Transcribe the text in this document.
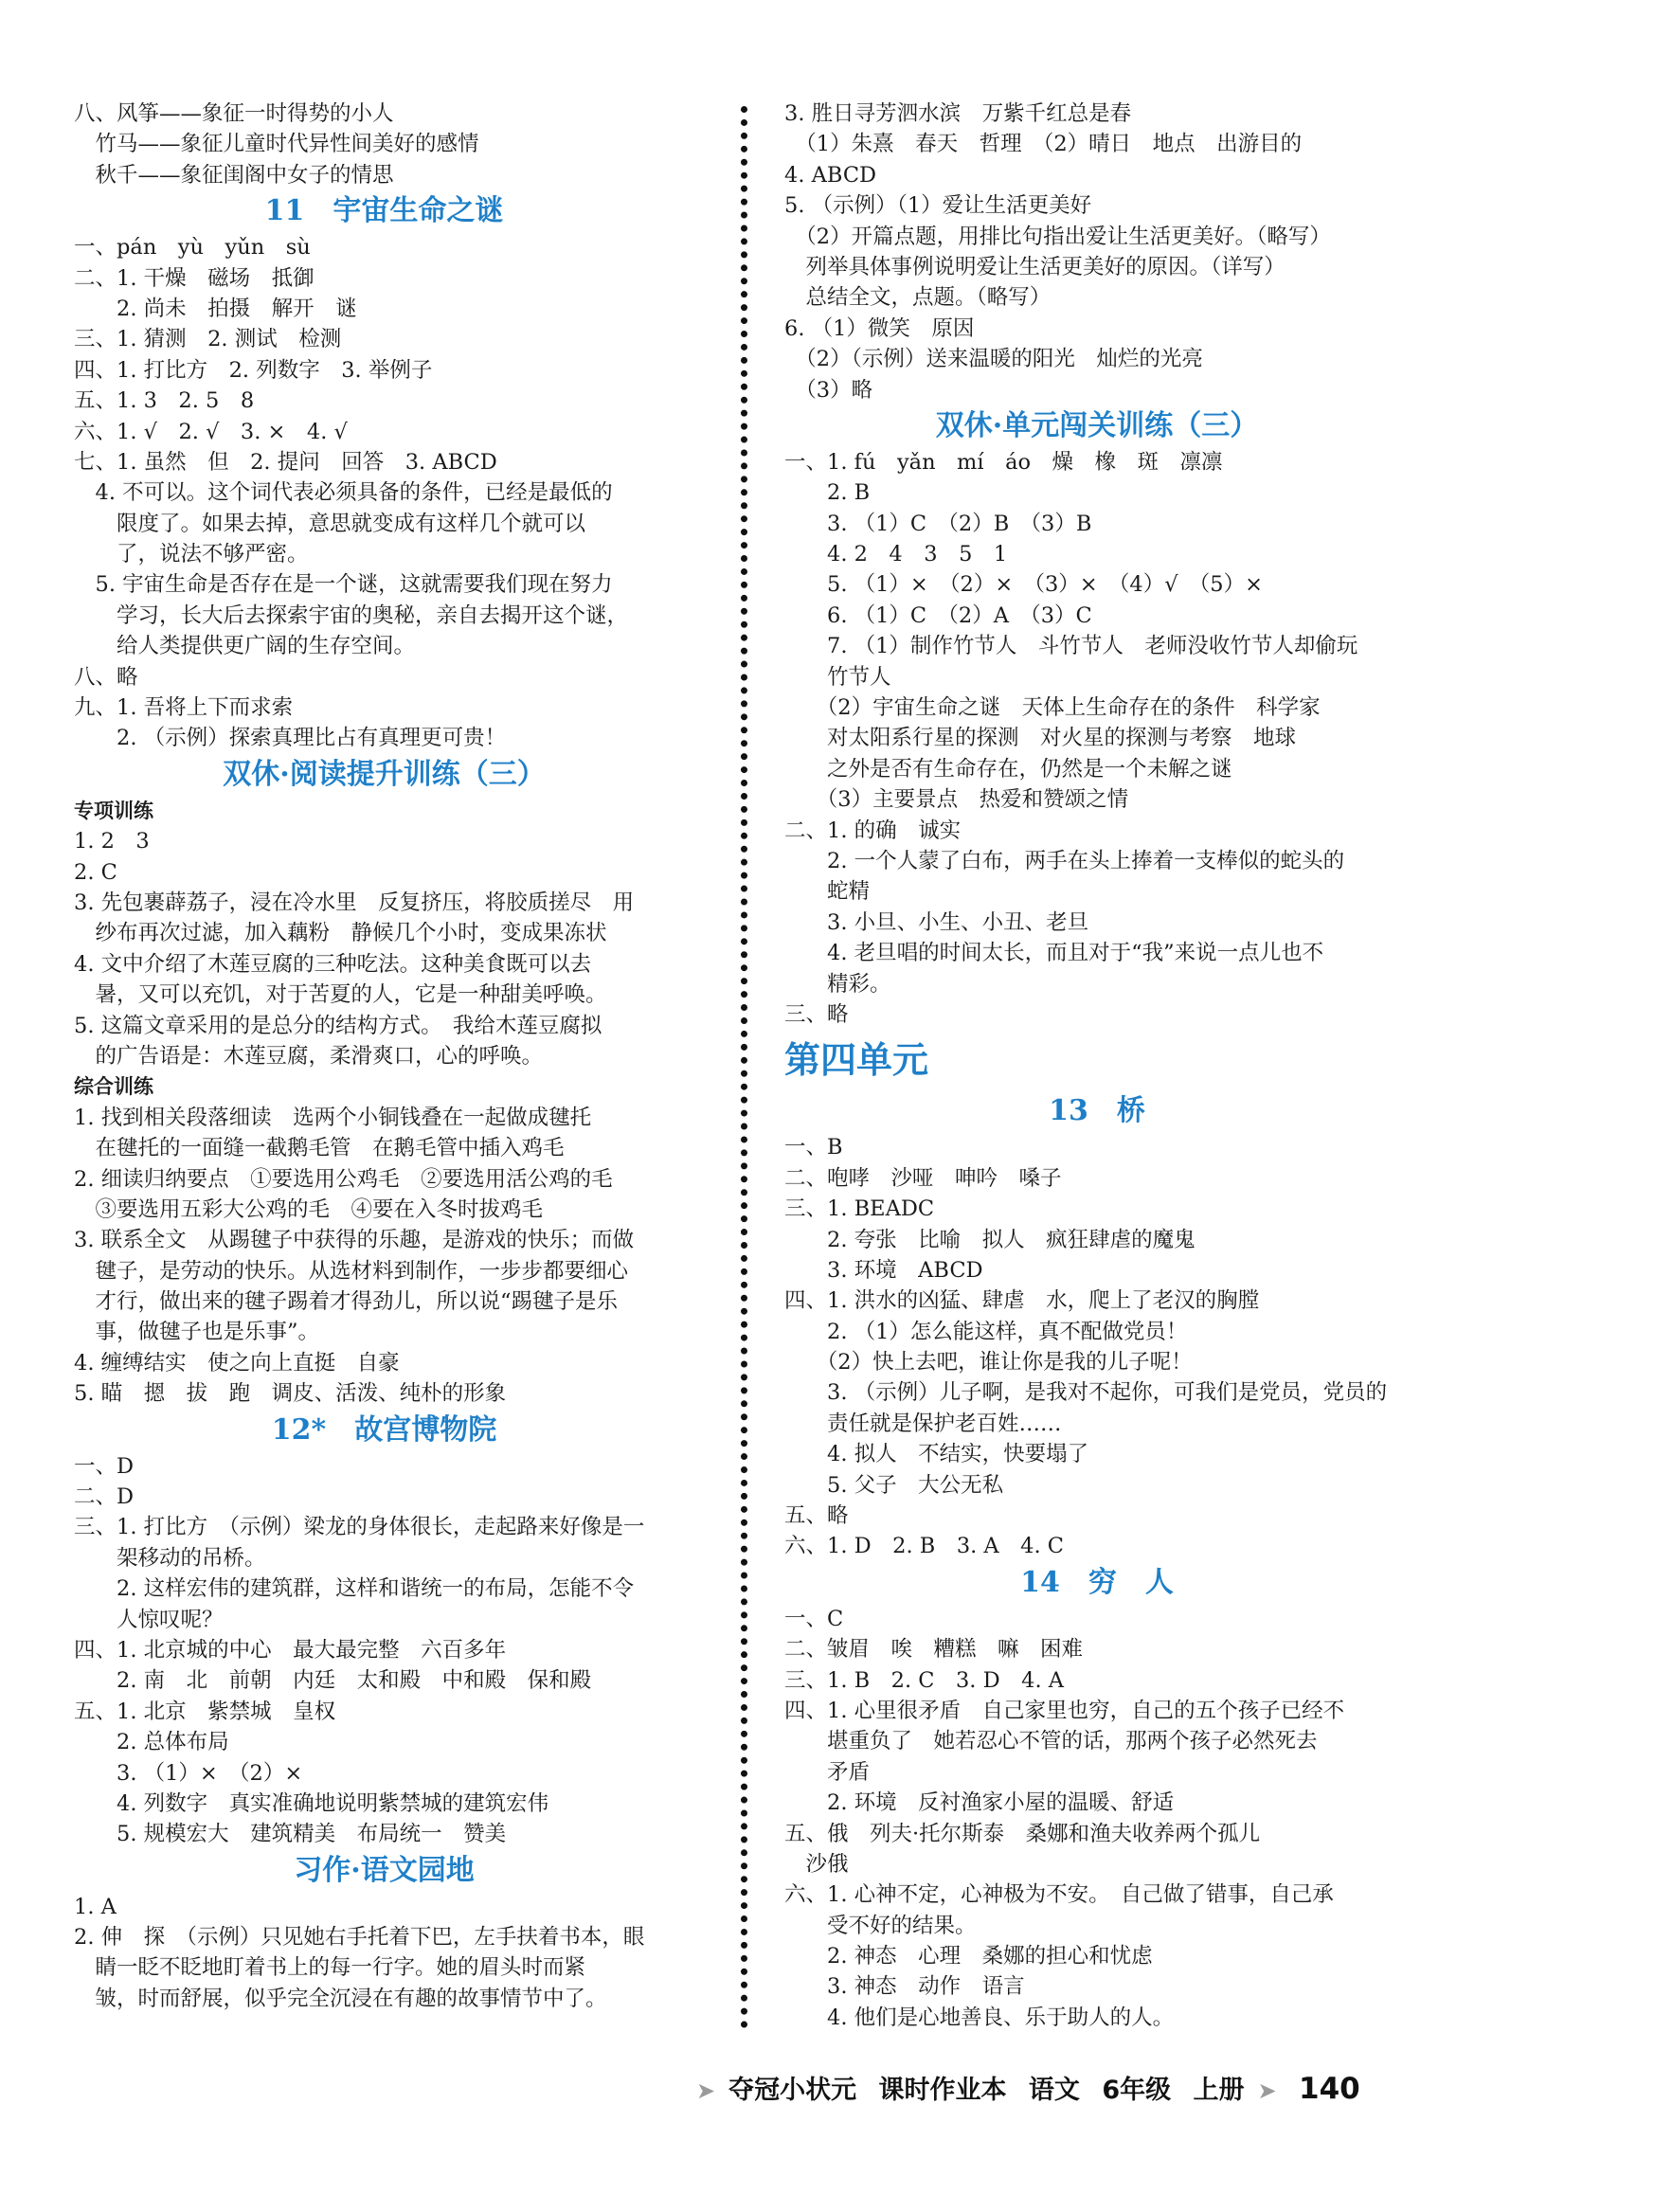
八、风筝——象征一时得势的小人
　竹马——象征儿童时代异性间美好的感情
　秋千——象征闺阁中女子的情思
11　宇宙生命之谜
一、pán　yù　yǔn　sù
二、1. 干燥　磁场　抵御
　　2. 尚未　拍摄　解开　谜
三、1. 猜测　2. 测试　检测
四、1. 打比方　2. 列数字　3. 举例子
五、1. 3　2. 5　8
六、1. √　2. √　3. ×　4. √
七、1. 虽然　但　2. 提问　回答　3. ABCD
　4. 不可以。这个词代表必须具备的条件，已经是最低的
　　限度了。如果去掉，意思就变成有这样几个就可以
　　了，说法不够严密。
　5. 宇宙生命是否存在是一个谜，这就需要我们现在努力
　　学习，长大后去探索宇宙的奥秘，亲自去揭开这个谜，
　　给人类提供更广阔的生存空间。
八、略
九、1. 吾将上下而求索
　　2. （示例）探索真理比占有真理更可贵！
双休·阅读提升训练（三）
专项训练
1. 2　3
2. C
3. 先包裹薜荔子，浸在冷水里　反复挤压，将胶质搓尽　用
　纱布再次过滤，加入藕粉　静候几个小时，变成果冻状
4. 文中介绍了木莲豆腐的三种吃法。这种美食既可以去
　暑，又可以充饥，对于苦夏的人，它是一种甜美呼唤。
5. 这篇文章采用的是总分的结构方式。　我给木莲豆腐拟
　的广告语是：木莲豆腐，柔滑爽口，心的呼唤。
综合训练
1. 找到相关段落细读　选两个小铜钱叠在一起做成毽托
　在毽托的一面缝一截鹅毛管　在鹅毛管中插入鸡毛
2. 细读归纳要点　①要选用公鸡毛　②要选用活公鸡的毛
　③要选用五彩大公鸡的毛　④要在入冬时拔鸡毛
3. 联系全文　从踢毽子中获得的乐趣，是游戏的快乐；而做
　毽子，是劳动的快乐。从选材料到制作，一步步都要细心
　才行，做出来的毽子踢着才得劲儿，所以说“踢毽子是乐
　事，做毽子也是乐事”。
4. 缠缚结实　使之向上直挺　自豪
5. 瞄　摁　拔　跑　调皮、活泼、纯朴的形象
12*　故宫博物院
一、D
二、D
三、1. 打比方　（示例）梁龙的身体很长，走起路来好像是一
　　架移动的吊桥。
　　2. 这样宏伟的建筑群，这样和谐统一的布局，怎能不令
　　人惊叹呢？
四、1. 北京城的中心　最大最完整　六百多年
　　2. 南　北　前朝　内廷　太和殿　中和殿　保和殿
五、1. 北京　紫禁城　皇权
　　2. 总体布局
　　3. （1）×　（2）×
　　4. 列数字　真实准确地说明紫禁城的建筑宏伟
　　5. 规模宏大　建筑精美　布局统一　赞美
习作·语文园地
1. A
2. 伸　探　（示例）只见她右手托着下巴，左手扶着书本，眼
　睛一眨不眨地盯着书上的每一行字。她的眉头时而紧
　皱，时而舒展，似乎完全沉浸在有趣的故事情节中了。
3. 胜日寻芳泗水滨　万紫千红总是春
　（1）朱熹　春天　哲理　（2）晴日　地点　出游目的
4. ABCD
5. （示例）（1）爱让生活更美好
　（2）开篇点题，用排比句指出爱让生活更美好。（略写）
　列举具体事例说明爱让生活更美好的原因。（详写）
　总结全文，点题。（略写）
6. （1）微笑　原因
　（2）（示例）送来温暖的阳光　灿烂的光亮
　（3）略
双休·单元闯关训练（三）
一、1. fú　yǎn　mí　áo　燥　橡　斑　凛凛
　　2. B
　　3. （1）C　（2）B　（3）B
　　4. 2　4　3　5　1
　　5. （1）×　（2）×　（3）×　（4）√　（5）×
　　6. （1）C　（2）A　（3）C
　　7. （1）制作竹节人　斗竹节人　老师没收竹节人却偷玩
　　竹节人
　　（2）宇宙生命之谜　天体上生命存在的条件　科学家
　　对太阳系行星的探测　对火星的探测与考察　地球
　　之外是否有生命存在，仍然是一个未解之谜
　　（3）主要景点　热爱和赞颂之情
二、1. 的确　诚实
　　2. 一个人蒙了白布，两手在头上捧着一支棒似的蛇头的
　　蛇精
　　3. 小旦、小生、小丑、老旦
　　4. 老旦唱的时间太长，而且对于“我”来说一点儿也不
　　精彩。
三、略
第四单元
13　桥
一、B
二、咆哮　沙哑　呻吟　嗓子
三、1. BEADC
　　2. 夸张　比喻　拟人　疯狂肆虐的魔鬼
　　3. 环境　ABCD
四、1. 洪水的凶猛、肆虐　水，爬上了老汉的胸膛
　　2. （1）怎么能这样，真不配做党员！
　　（2）快上去吧，谁让你是我的儿子呢！
　　3. （示例）儿子啊，是我对不起你，可我们是党员，党员的
　　责任就是保护老百姓……
　　4. 拟人　不结实，快要塌了
　　5. 父子　大公无私
五、略
六、1. D　2. B　3. A　4. C
14　穷　人
一、C
二、皱眉　唉　糟糕　嘛　困难
三、1. B　2. C　3. D　4. A
四、1. 心里很矛盾　自己家里也穷，自己的五个孩子已经不
　　堪重负了　她若忍心不管的话，那两个孩子必然死去
　　矛盾
　　2. 环境　反衬渔家小屋的温暖、舒适
五、俄　列夫·托尔斯泰　桑娜和渔夫收养两个孤儿
　沙俄
六、1. 心神不定，心神极为不安。　自己做了错事，自己承
　　受不好的结果。
　　2. 神态　心理　桑娜的担心和忧虑
　　3. 神态　动作　语言
　　4. 他们是心地善良、乐于助人的人。
➤ 夺冠小状元 课时作业本 语文 6年级 上册 ➤ 140
